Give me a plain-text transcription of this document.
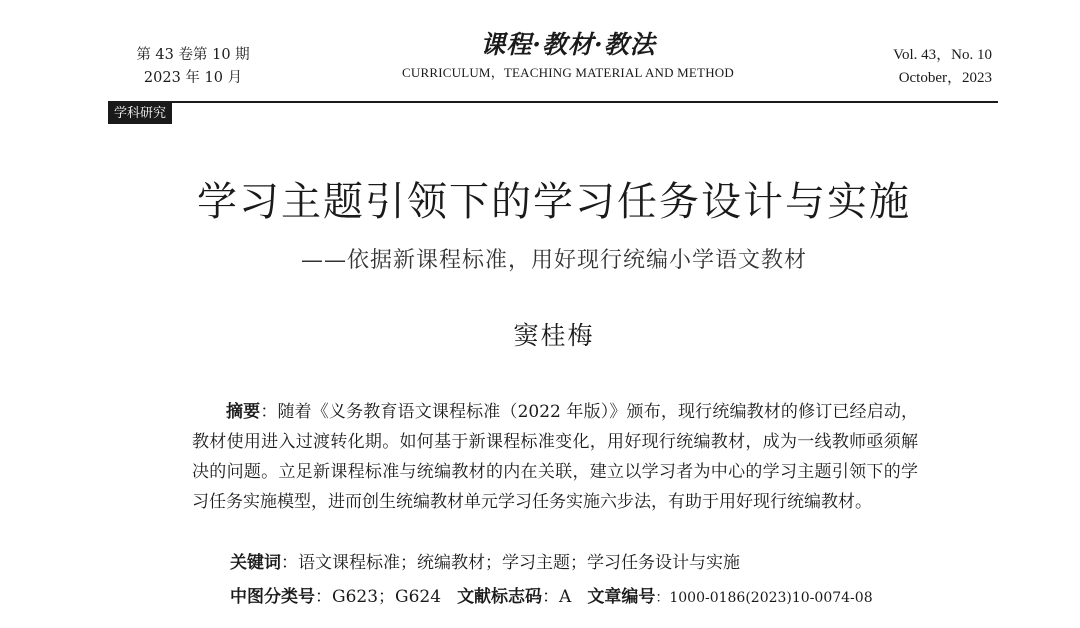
第 43 卷第 10 期
2023 年 10 月
课程·教材·教法
CURRICULUM，TEACHING MATERIAL AND METHOD
Vol. 43，No. 10
October，2023
学科研究
学习主题引领下的学习任务设计与实施
——依据新课程标准，用好现行统编小学语文教材
窦桂梅
摘要：随着《义务教育语文课程标准（2022 年版）》颁布，现行统编教材的修订已经启动，教材使用进入过渡转化期。如何基于新课程标准变化，用好现行统编教材，成为一线教师亟须解决的问题。立足新课程标准与统编教材的内在关联，建立以学习者为中心的学习主题引领下的学习任务实施模型，进而创生统编教材单元学习任务实施六步法，有助于用好现行统编教材。
关键词：语文课程标准；统编教材；学习主题；学习任务设计与实施
中图分类号：G623；G624 文献标志码：A 文章编号：1000-0186(2023)10-0074-08
